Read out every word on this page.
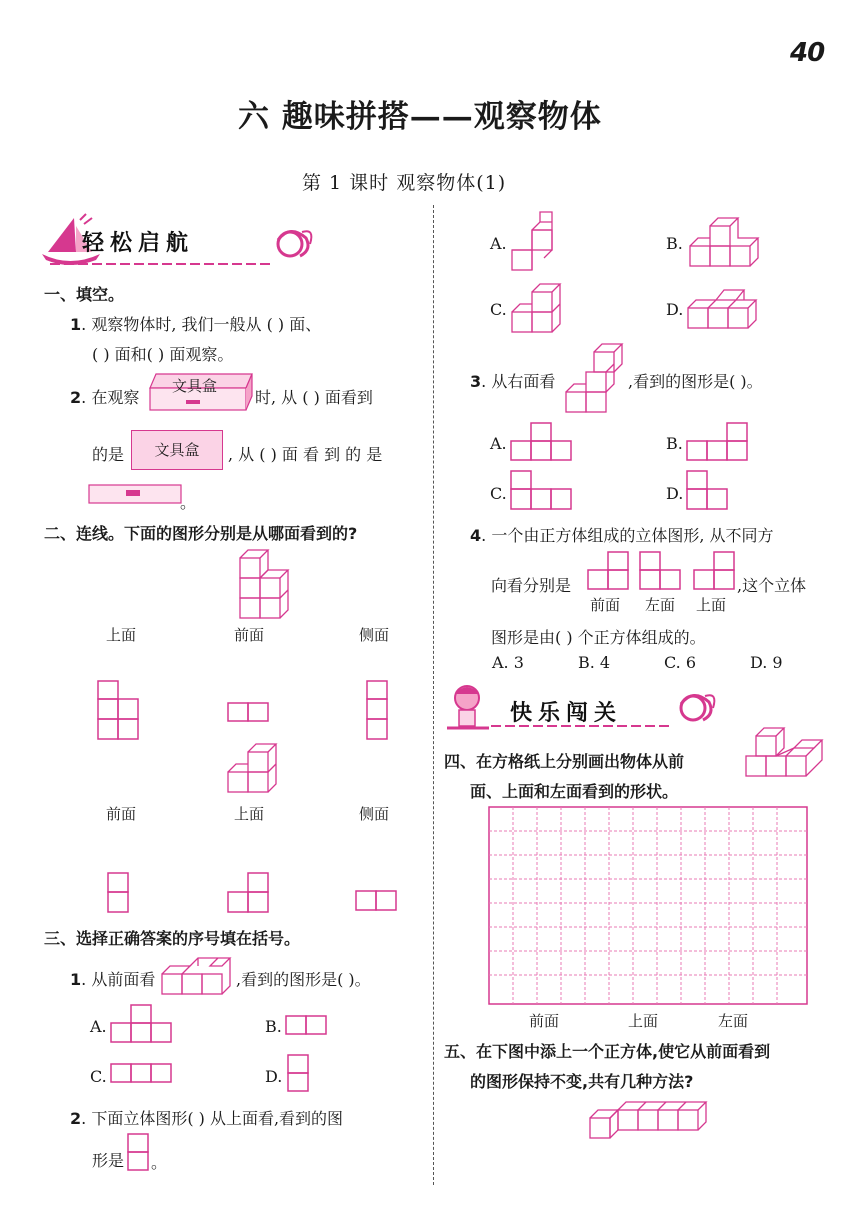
40
六 趣味拼搭——观察物体
第 1 课时 观察物体(1)
轻松启航
一、填空。
1. 观察物体时, 我们一般从 ( ) 面、
( ) 面和( ) 面观察。
2. 在观察
文具盒
时, 从 ( ) 面看到
的是	文具盒	, 从 ( ) 面 看 到 的 是
。
二、连线。下面的图形分别是从哪面看到的?
上面	前面	侧面
前面	上面	侧面
三、选择正确答案的序号填在括号。
1. 从前面看	,看到的图形是( )。
A.	B.
C.	D.
2. 下面立体图形( ) 从上面看,看到的图
形是 。
A.	B.
C.	D.
3. 从右面看	,看到的图形是( )。
A.	B.
C.	D.
4. 一个由正方体组成的立体图形, 从不同方
向看分别是	,这个立体
前面 左面 上面
图形是由( ) 个正方体组成的。
A. 3	B. 4	C. 6	D. 9
快乐闯关
四、在方格纸上分别画出物体从前
面、上面和左面看到的形状。
前面	上面	左面
五、在下图中添上一个正方体,使它从前面看到
的图形保持不变,共有几种方法?
